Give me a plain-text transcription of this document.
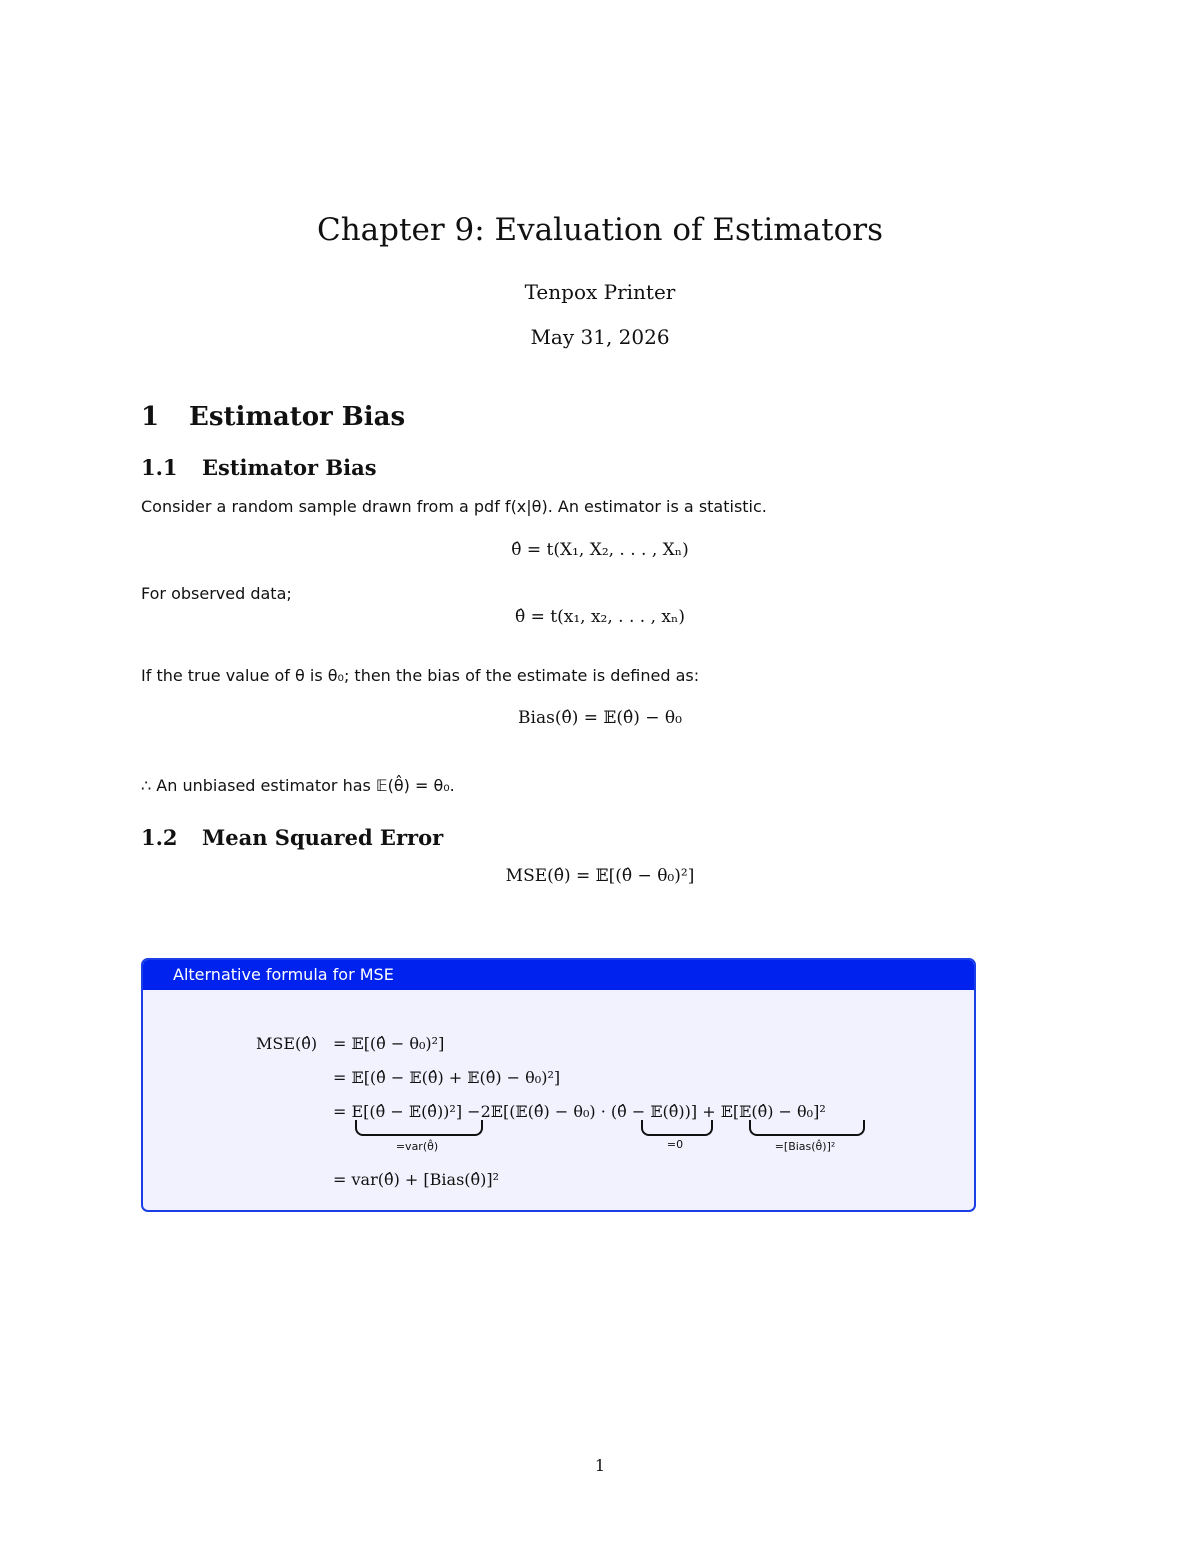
Chapter 9: Evaluation of Estimators
Tenpox Printer
May 31, 2026
1 Estimator Bias
1.1 Estimator Bias
Consider a random sample drawn from a pdf f(x|θ). An estimator is a statistic.
θ̂ = t(X₁, X₂, . . . , Xₙ)
For observed data;
θ̂ = t(x₁, x₂, . . . , xₙ)
If the true value of θ is θ₀; then the bias of the estimate is defined as:
Bias(θ̂) = 𝔼(θ̂) − θ₀
∴ An unbiased estimator has 𝔼(θ̂) = θ₀.
1.2 Mean Squared Error
MSE(θ̂) = 𝔼[(θ̂ − θ₀)²]
Alternative formula for MSE
MSE(θ̂) = 𝔼[(θ̂ − θ₀)²]
= 𝔼[(θ̂ − 𝔼(θ̂) + 𝔼(θ̂) − θ₀)²]
= E[(θ̂ − 𝔼(θ̂))²] −2𝔼[(𝔼(θ̂) − θ₀) · (θ̂ − 𝔼(θ̂))] + 𝔼[𝔼(θ̂) − θ₀]²
=var(θ̂)	=0	=[Bias(θ̂)]²
= var(θ̂) + [Bias(θ̂)]²
1
